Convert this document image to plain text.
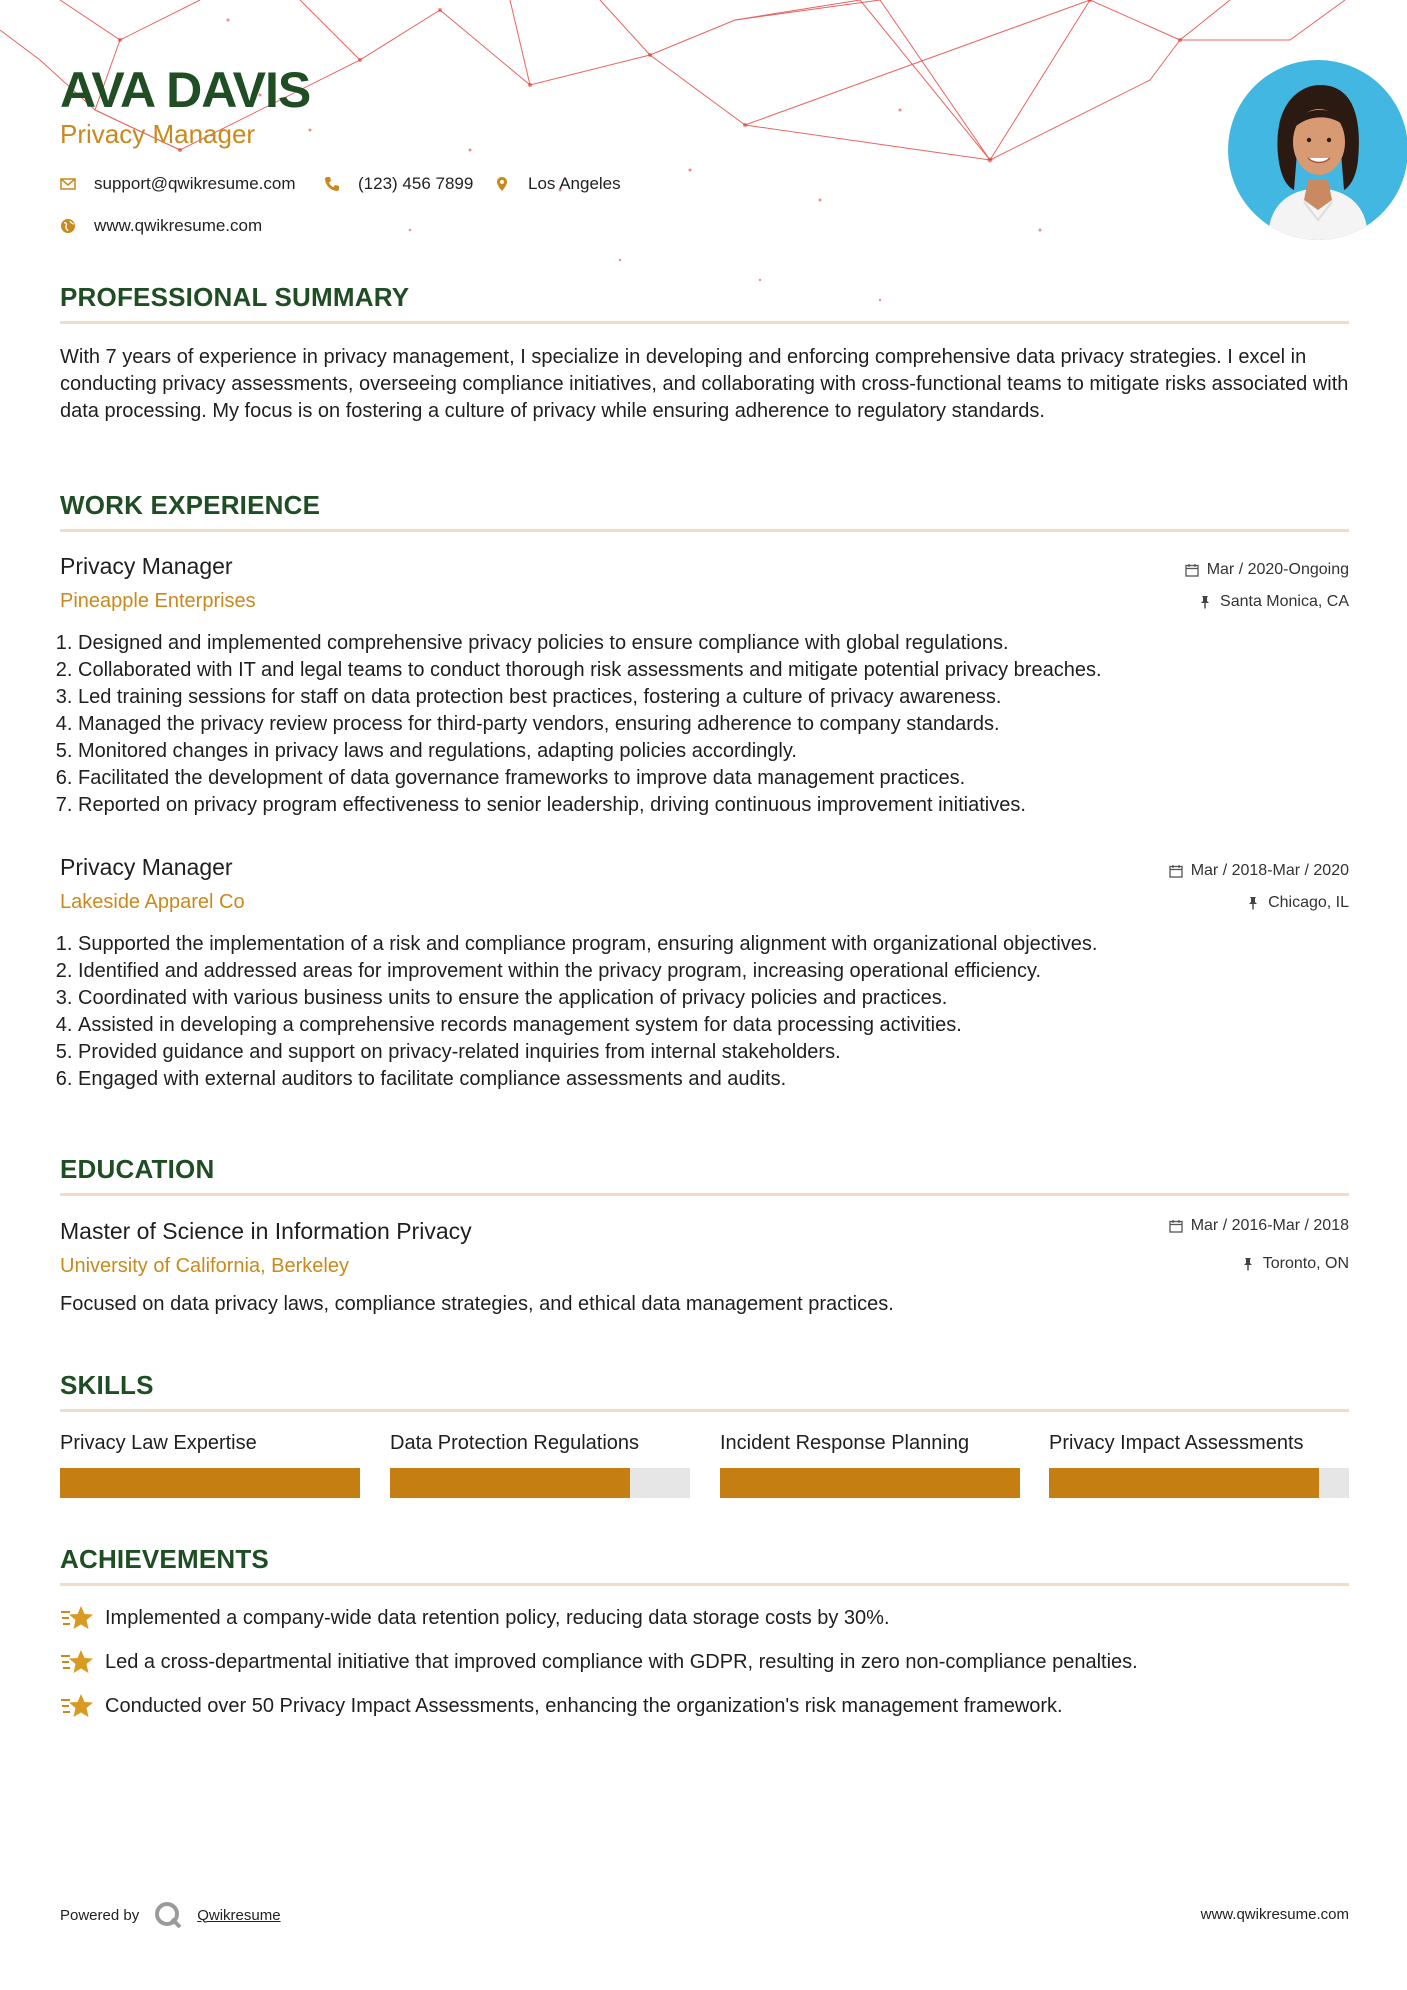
AVA DAVIS
Privacy Manager
support@qwikresume.com	(123) 456 7899	Los Angeles
www.qwikresume.com
PROFESSIONAL SUMMARY
With 7 years of experience in privacy management, I specialize in developing and enforcing comprehensive data privacy strategies. I excel in conducting privacy assessments, overseeing compliance initiatives, and collaborating with cross-functional teams to mitigate risks associated with data processing. My focus is on fostering a culture of privacy while ensuring adherence to regulatory standards.
WORK EXPERIENCE
Privacy Manager
Pineapple Enterprises
Mar / 2020-Ongoing
Santa Monica, CA
1. Designed and implemented comprehensive privacy policies to ensure compliance with global regulations.
2. Collaborated with IT and legal teams to conduct thorough risk assessments and mitigate potential privacy breaches.
3. Led training sessions for staff on data protection best practices, fostering a culture of privacy awareness.
4. Managed the privacy review process for third-party vendors, ensuring adherence to company standards.
5. Monitored changes in privacy laws and regulations, adapting policies accordingly.
6. Facilitated the development of data governance frameworks to improve data management practices.
7. Reported on privacy program effectiveness to senior leadership, driving continuous improvement initiatives.
Privacy Manager
Lakeside Apparel Co
Mar / 2018-Mar / 2020
Chicago, IL
1. Supported the implementation of a risk and compliance program, ensuring alignment with organizational objectives.
2. Identified and addressed areas for improvement within the privacy program, increasing operational efficiency.
3. Coordinated with various business units to ensure the application of privacy policies and practices.
4. Assisted in developing a comprehensive records management system for data processing activities.
5. Provided guidance and support on privacy-related inquiries from internal stakeholders.
6. Engaged with external auditors to facilitate compliance assessments and audits.
EDUCATION
Master of Science in Information Privacy
University of California, Berkeley
Mar / 2016-Mar / 2018
Toronto, ON
Focused on data privacy laws, compliance strategies, and ethical data management practices.
SKILLS
Privacy Law Expertise	Data Protection Regulations	Incident Response Planning	Privacy Impact Assessments
ACHIEVEMENTS
Implemented a company-wide data retention policy, reducing data storage costs by 30%.
Led a cross-departmental initiative that improved compliance with GDPR, resulting in zero non-compliance penalties.
Conducted over 50 Privacy Impact Assessments, enhancing the organization's risk management framework.
Powered by	Qwikresume	www.qwikresume.com
